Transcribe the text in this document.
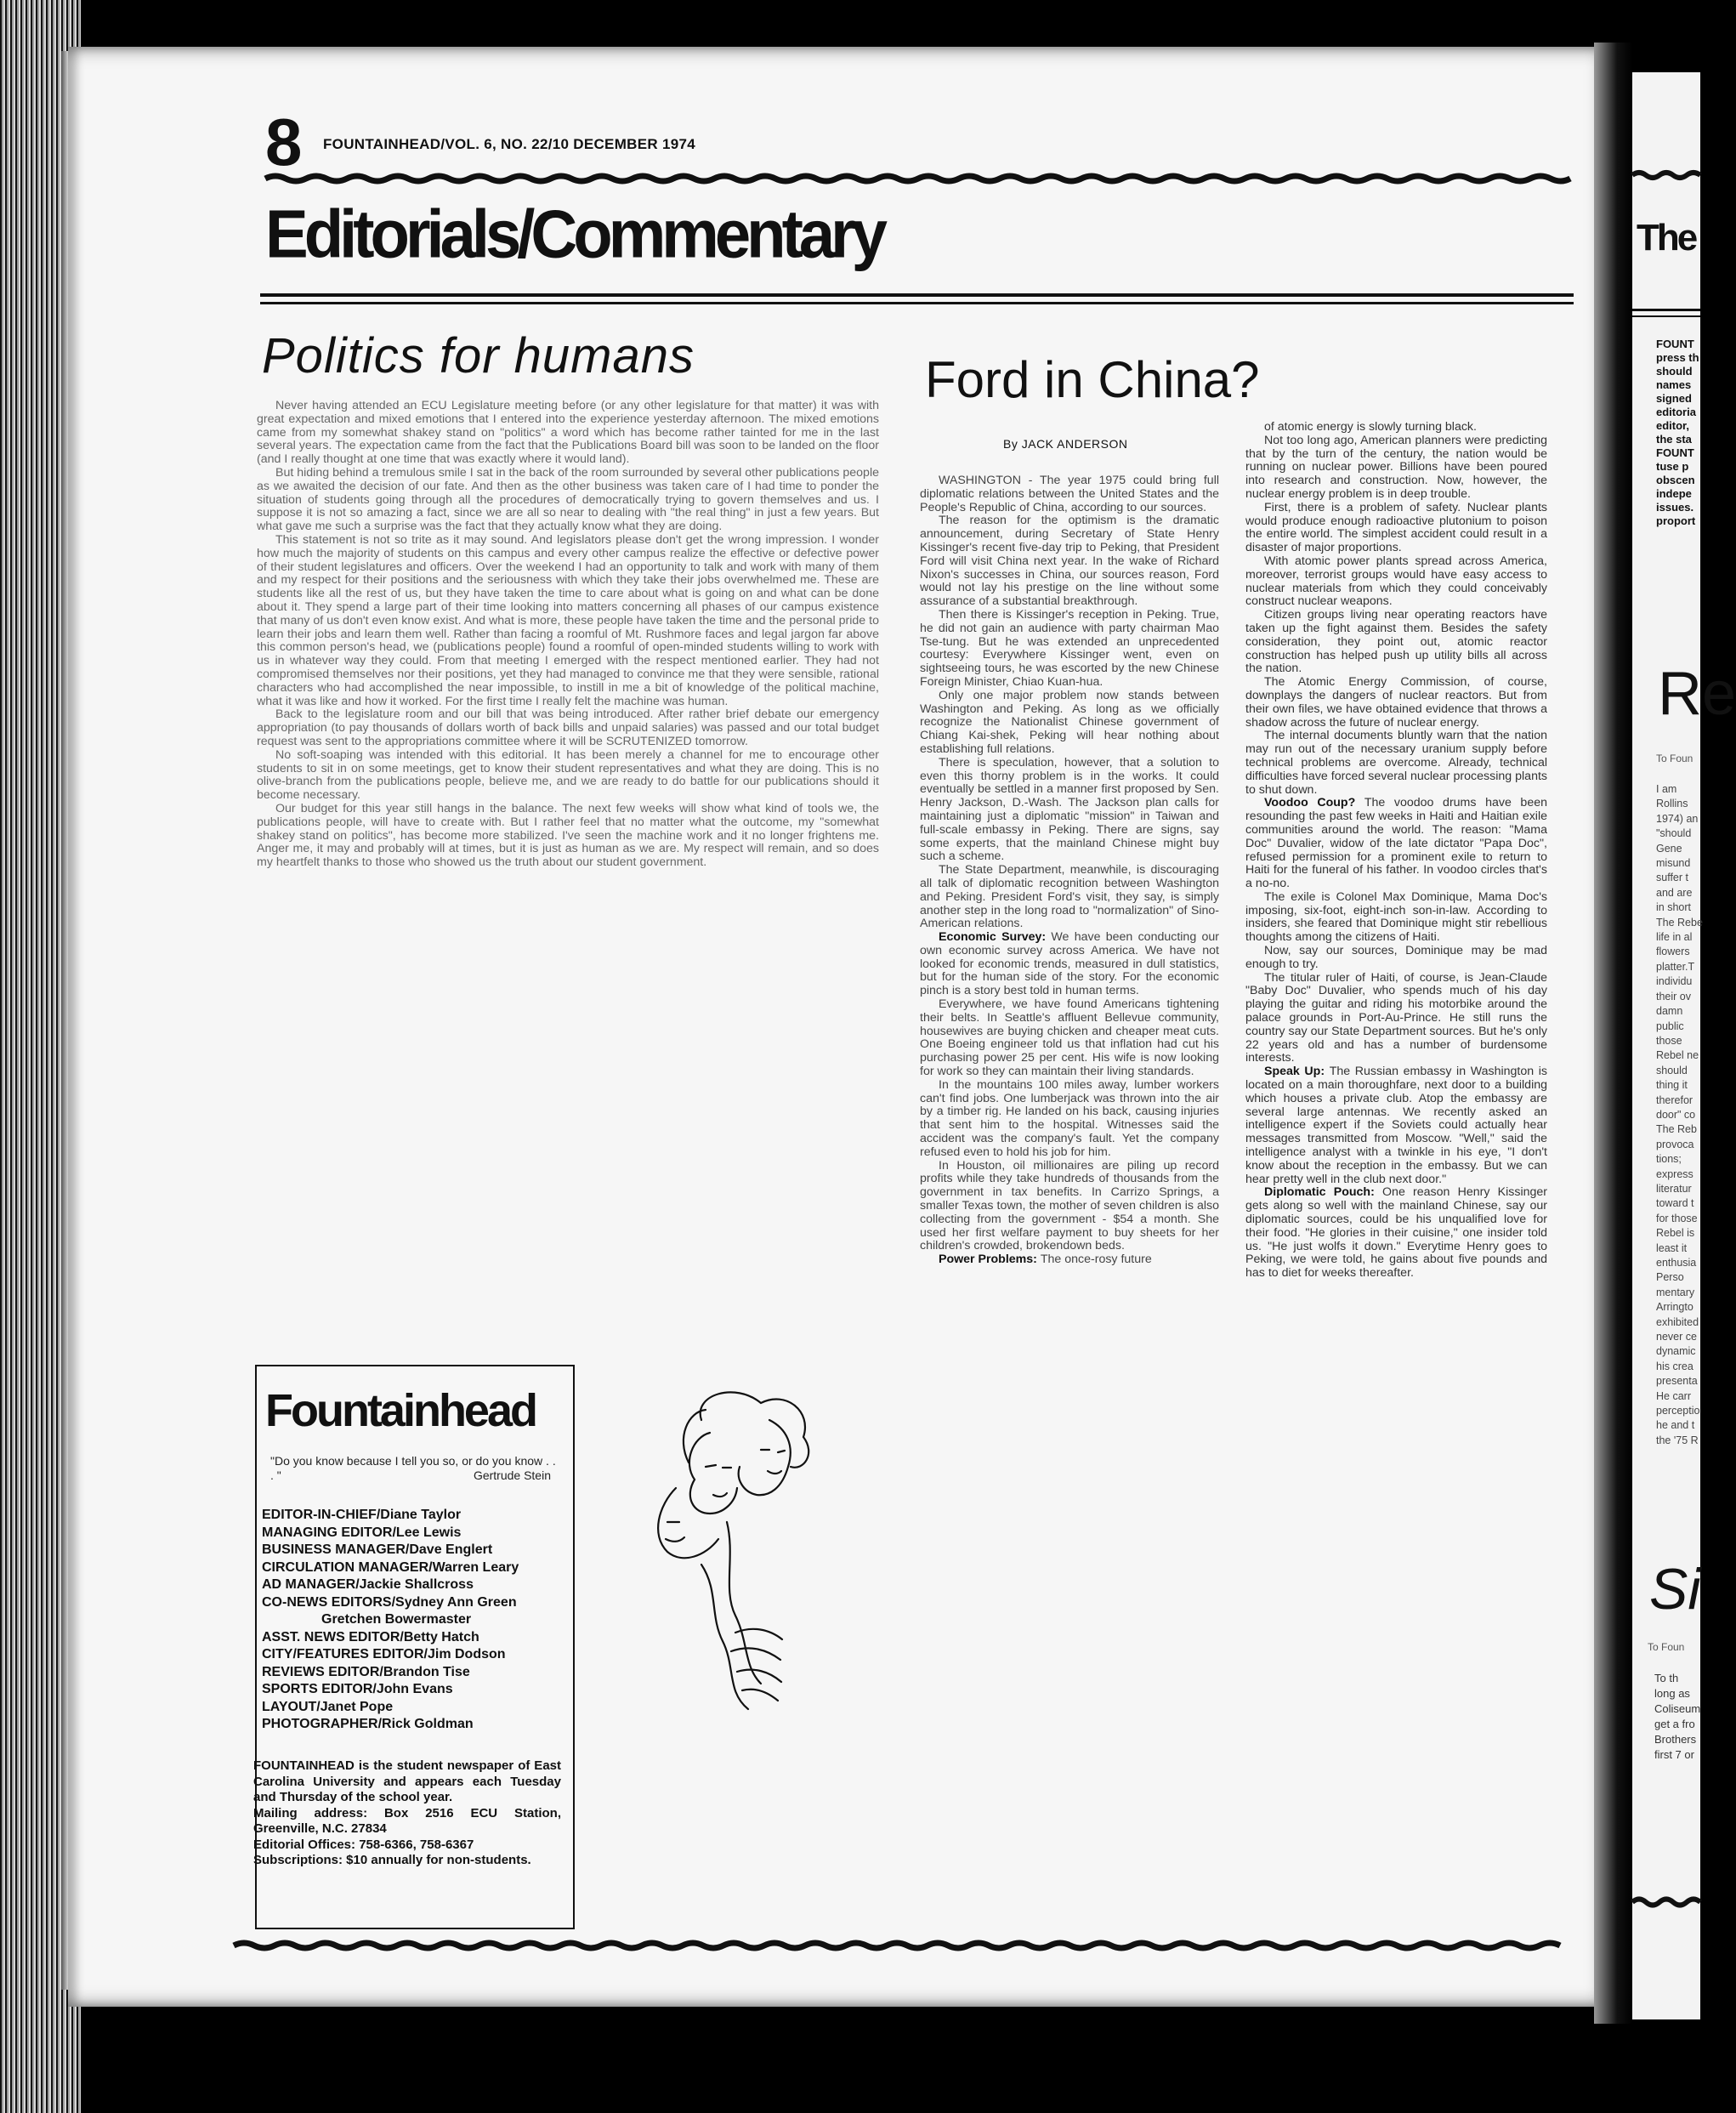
The
FOUNT
press th
should
names
signed
editoria
editor,
the sta
FOUNT
tuse p
obscen
indepe
issues.
proport
Re
To Foun
I am
Rollins
1974) an
"should
Gene
misund
suffer t
and are
in short
The Rebe
life in al
flowers
platter.T
individu
their ov
damn
public
those
Rebel ne
should
thing it
therefor
door" co
The Reb
provoca
tions;
express
literatur
toward t
for those
Rebel is
least it
enthusia
Perso
mentary
Arringto
exhibited
never ce
dynamic
his crea
presenta
He carr
perceptio
he and t
the '75 R
Si
To Foun
To th
long as
Coliseum
get a fro
Brothers
first 7 or
8 FOUNTAINHEAD/VOL. 6, NO. 22/10 DECEMBER 1974
Editorials/Commentary
Politics for humans

Never having attended an ECU Legislature meeting before (or any other legislature for that matter) it was with great expectation and mixed emotions that I entered into the experience yesterday afternoon. The mixed emotions came from my somewhat shakey stand on "politics" a word which has become rather tainted for me in the last several years. The expectation came from the fact that the Publications Board bill was soon to be landed on the floor (and I really thought at one time that was exactly where it would land).

But hiding behind a tremulous smile I sat in the back of the room surrounded by several other publications people as we awaited the decision of our fate. And then as the other business was taken care of I had time to ponder the situation of students going through all the procedures of democratically trying to govern themselves and us. I suppose it is not so amazing a fact, since we are all so near to dealing with "the real thing" in just a few years. But what gave me such a surprise was the fact that they actually know what they are doing.

This statement is not so trite as it may sound. And legislators please don't get the wrong impression. I wonder how much the majority of students on this campus and every other campus realize the effective or defective power of their student legislatures and officers. Over the weekend I had an opportunity to talk and work with many of them and my respect for their positions and the seriousness with which they take their jobs overwhelmed me. These are students like all the rest of us, but they have taken the time to care about what is going on and what can be done about it. They spend a large part of their time looking into matters concerning all phases of our campus existence that many of us don't even know exist. And what is more, these people have taken the time and the personal pride to learn their jobs and learn them well. Rather than facing a roomful of Mt. Rushmore faces and legal jargon far above this common person's head, we (publications people) found a roomful of open-minded students willing to work with us in whatever way they could. From that meeting I emerged with the respect mentioned earlier. They had not compromised themselves nor their positions, yet they had managed to convince me that they were sensible, rational characters who had accomplished the near impossible, to instill in me a bit of knowledge of the political machine, what it was like and how it worked. For the first time I really felt the machine was human.

Back to the legislature room and our bill that was being introduced. After rather brief debate our emergency appropriation (to pay thousands of dollars worth of back bills and unpaid salaries) was passed and our total budget request was sent to the appropriations committee where it will be SCRUTENIZED tomorrow.

No soft-soaping was intended with this editorial. It has been merely a channel for me to encourage other students to sit in on some meetings, get to know their student representatives and what they are doing. This is no olive-branch from the publications people, believe me, and we are ready to do battle for our publications should it become necessary.

Our budget for this year still hangs in the balance. The next few weeks will show what kind of tools we, the publications people, will have to create with. But I rather feel that no matter what the outcome, my "somewhat shakey stand on politics", has become more stabilized. I've seen the machine work and it no longer frightens me. Anger me, it may and probably will at times, but it is just as human as we are. My respect will remain, and so does my heartfelt thanks to those who showed us the truth about our student government.

Ford in China?
By JACK ANDERSON

WASHINGTON - The year 1975 could bring full diplomatic relations between the United States and the People's Republic of China, according to our sources.

The reason for the optimism is the dramatic announcement, during Secretary of State Henry Kissinger's recent five-day trip to Peking, that President Ford will visit China next year. In the wake of Richard Nixon's successes in China, our sources reason, Ford would not lay his prestige on the line without some assurance of a substantial breakthrough.

Then there is Kissinger's reception in Peking. True, he did not gain an audience with party chairman Mao Tse-tung. But he was extended an unprecedented courtesy: Everywhere Kissinger went, even on sightseeing tours, he was escorted by the new Chinese Foreign Minister, Chiao Kuan-hua.

Only one major problem now stands between Washington and Peking. As long as we officially recognize the Nationalist Chinese government of Chiang Kai-shek, Peking will hear nothing about establishing full relations.

There is speculation, however, that a solution to even this thorny problem is in the works. It could eventually be settled in a manner first proposed by Sen. Henry Jackson, D.-Wash. The Jackson plan calls for maintaining just a diplomatic "mission" in Taiwan and full-scale embassy in Peking. There are signs, say some experts, that the mainland Chinese might buy such a scheme.

The State Department, meanwhile, is discouraging all talk of diplomatic recognition between Washington and Peking. President Ford's visit, they say, is simply another step in the long road to "normalization" of Sino-American relations.

Economic Survey: We have been conducting our own economic survey across America. We have not looked for economic trends, measured in dull statistics, but for the human side of the story. For the economic pinch is a story best told in human terms.

Everywhere, we have found Americans tightening their belts. In Seattle's affluent Bellevue community, housewives are buying chicken and cheaper meat cuts. One Boeing engineer told us that inflation had cut his purchasing power 25 per cent. His wife is now looking for work so they can maintain their living standards.

In the mountains 100 miles away, lumber workers can't find jobs. One lumberjack was thrown into the air by a timber rig. He landed on his back, causing injuries that sent him to the hospital. Witnesses said the accident was the company's fault. Yet the company refused even to hold his job for him.

In Houston, oil millionaires are piling up record profits while they take hundreds of thousands from the government in tax benefits. In Carrizo Springs, a smaller Texas town, the mother of seven children is also collecting from the government - $54 a month. She used her first welfare payment to buy sheets for her children's crowded, brokendown beds.

Power Problems: The once-rosy future

of atomic energy is slowly turning black.

Not too long ago, American planners were predicting that by the turn of the century, the nation would be running on nuclear power. Billions have been poured into research and construction. Now, however, the nuclear energy problem is in deep trouble.

First, there is a problem of safety. Nuclear plants would produce enough radioactive plutonium to poison the entire world. The simplest accident could result in a disaster of major proportions.

With atomic power plants spread across America, moreover, terrorist groups would have easy access to nuclear materials from which they could conceivably construct nuclear weapons.

Citizen groups living near operating reactors have taken up the fight against them. Besides the safety consideration, they point out, atomic reactor construction has helped push up utility bills all across the nation.

The Atomic Energy Commission, of course, downplays the dangers of nuclear reactors. But from their own files, we have obtained evidence that throws a shadow across the future of nuclear energy.

The internal documents bluntly warn that the nation may run out of the necessary uranium supply before technical problems are overcome. Already, technical difficulties have forced several nuclear processing plants to shut down.

Voodoo Coup? The voodoo drums have been resounding the past few weeks in Haiti and Haitian exile communities around the world. The reason: "Mama Doc" Duvalier, widow of the late dictator "Papa Doc", refused permission for a prominent exile to return to Haiti for the funeral of his father. In voodoo circles that's a no-no.

The exile is Colonel Max Dominique, Mama Doc's imposing, six-foot, eight-inch son-in-law. According to insiders, she feared that Dominique might stir rebellious thoughts among the citizens of Haiti.

Now, say our sources, Dominique may be mad enough to try.

The titular ruler of Haiti, of course, is Jean-Claude "Baby Doc" Duvalier, who spends much of his day playing the guitar and riding his motorbike around the palace grounds in Port-Au-Prince. He still runs the country say our State Department sources. But he's only 22 years old and has a number of burdensome interests.

Speak Up: The Russian embassy in Washington is located on a main thoroughfare, next door to a building which houses a private club. Atop the embassy are several large antennas. We recently asked an intelligence expert if the Soviets could actually hear messages transmitted from Moscow. "Well," said the intelligence analyst with a twinkle in his eye, "I don't know about the reception in the embassy. But we can hear pretty well in the club next door."

Diplomatic Pouch: One reason Henry Kissinger gets along so well with the mainland Chinese, say our diplomatic sources, could be his unqualified love for their food. "He glories in their cuisine," one insider told us. "He just wolfs it down." Everytime Henry goes to Peking, we were told, he gains about five pounds and has to diet for weeks thereafter.

Fountainhead
"Do you know because I tell you so, or do you know . . . "	Gertrude Stein
EDITOR-IN-CHIEF/Diane Taylor
MANAGING EDITOR/Lee Lewis
BUSINESS MANAGER/Dave Englert
CIRCULATION MANAGER/Warren Leary
AD MANAGER/Jackie Shallcross
CO-NEWS EDITORS/Sydney Ann Green
Gretchen Bowermaster
ASST. NEWS EDITOR/Betty Hatch
CITY/FEATURES EDITOR/Jim Dodson
REVIEWS EDITOR/Brandon Tise
SPORTS EDITOR/John Evans
LAYOUT/Janet Pope
PHOTOGRAPHER/Rick Goldman

FOUNTAINHEAD is the student newspaper of East Carolina University and appears each Tuesday and Thursday of the school year.

Mailing address: Box 2516 ECU Station, Greenville, N.C. 27834

Editorial Offices: 758-6366, 758-6367

Subscriptions: $10 annually for non-students.
